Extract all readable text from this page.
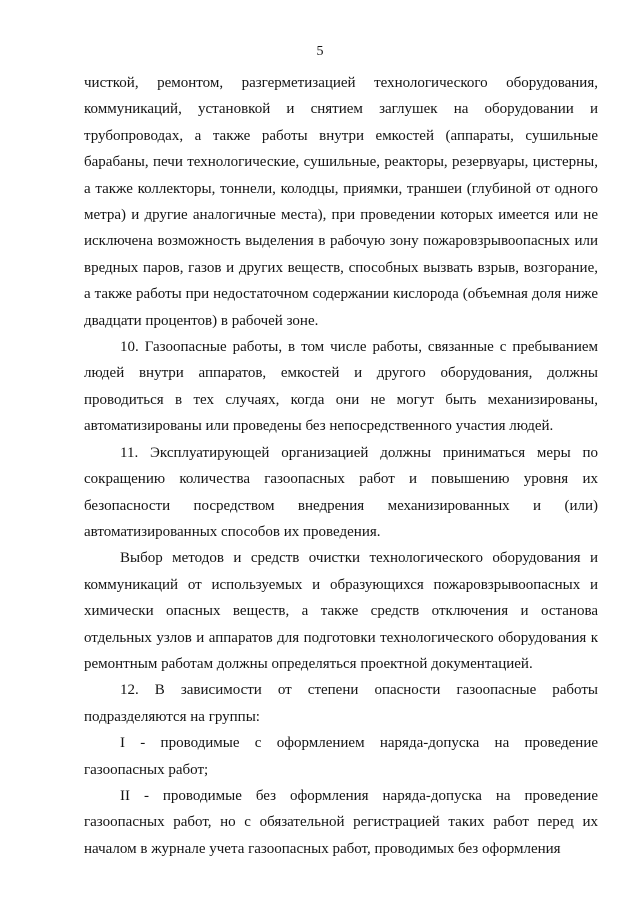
5

чисткой, ремонтом, разгерметизацией технологического оборудования, коммуникаций, установкой и снятием заглушек на оборудовании и трубопроводах, а также работы внутри емкостей (аппараты, сушильные барабаны, печи технологические, сушильные, реакторы, резервуары, цистерны, а также коллекторы, тоннели, колодцы, приямки, траншеи (глубиной от одного метра) и другие аналогичные места), при проведении которых имеется или не исключена возможность выделения в рабочую зону пожаровзрывоопасных или вредных паров, газов и других веществ, способных вызвать взрыв, возгорание, а также работы при недостаточном содержании кислорода (объемная доля ниже двадцати процентов) в рабочей зоне.

10. Газоопасные работы, в том числе работы, связанные с пребыванием людей внутри аппаратов, емкостей и другого оборудования, должны проводиться в тех случаях, когда они не могут быть механизированы, автоматизированы или проведены без непосредственного участия людей.

11. Эксплуатирующей организацией должны приниматься меры по сокращению количества газоопасных работ и повышению уровня их безопасности посредством внедрения механизированных и (или) автоматизированных способов их проведения.

Выбор методов и средств очистки технологического оборудования и коммуникаций от используемых и образующихся пожаровзрывоопасных и химически опасных веществ, а также средств отключения и останова отдельных узлов и аппаратов для подготовки технологического оборудования к ремонтным работам должны определяться проектной документацией.

12. В зависимости от степени опасности газоопасные работы подразделяются на группы:

I - проводимые с оформлением наряда-допуска на проведение газоопасных работ;

II - проводимые без оформления наряда-допуска на проведение газоопасных работ, но с обязательной регистрацией таких работ перед их началом в журнале учета газоопасных работ, проводимых без оформления
